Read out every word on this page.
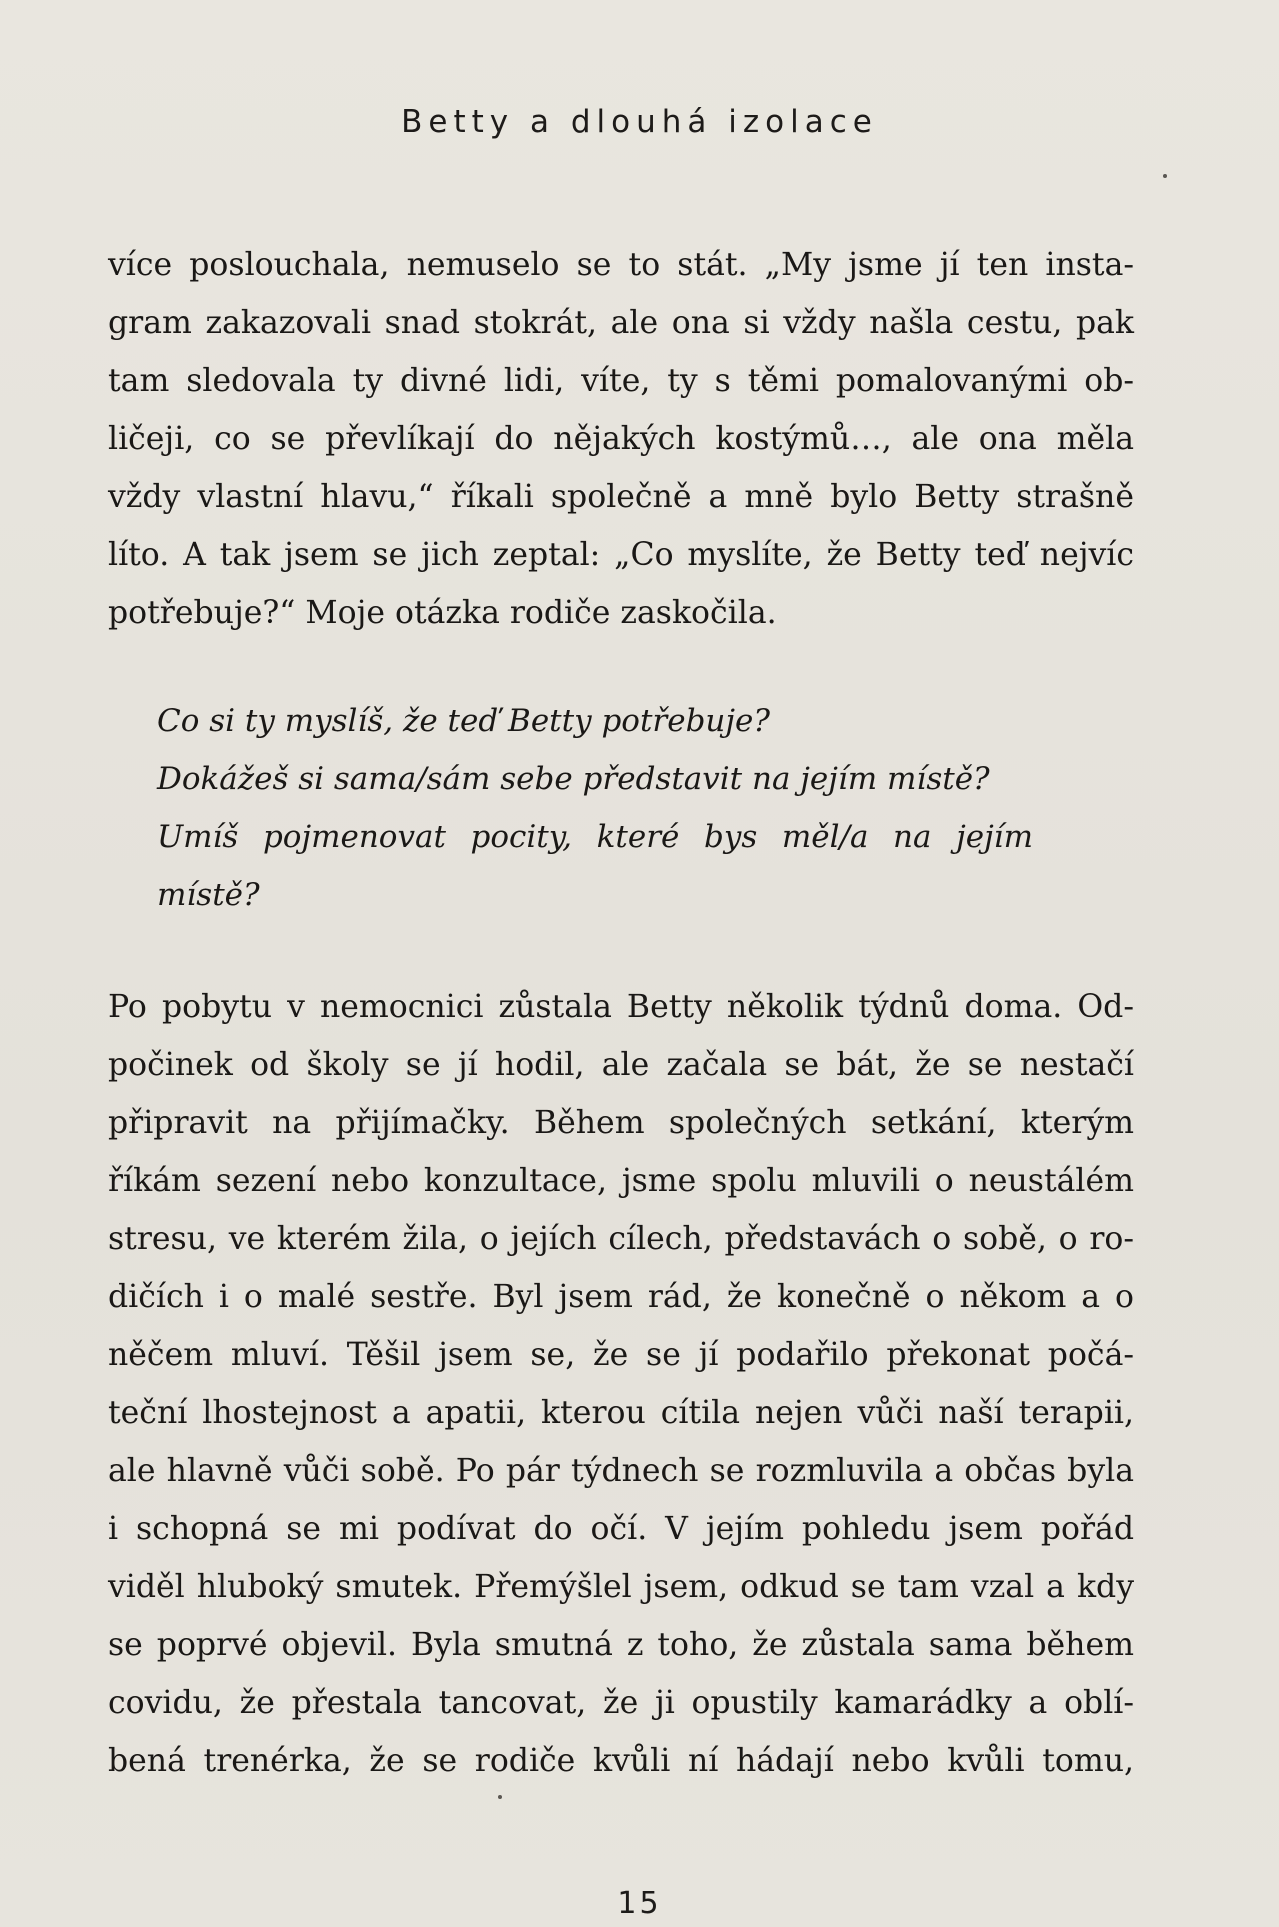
Betty a dlouhá izolace
více poslouchala, nemuselo se to stát. „My jsme jí ten insta-
gram zakazovali snad stokrát, ale ona si vždy našla cestu, pak
tam sledovala ty divné lidi, víte, ty s těmi pomalovanými ob-
ličeji, co se převlíkají do nějakých kostýmů…, ale ona měla
vždy vlastní hlavu,“ říkali společně a mně bylo Betty strašně
líto. A tak jsem se jich zeptal: „Co myslíte, že Betty teď nejvíc
potřebuje?“ Moje otázka rodiče zaskočila.
Co si ty myslíš, že teď Betty potřebuje?
Dokážeš si sama/sám sebe představit na jejím místě?
Umíš pojmenovat pocity, které bys měl/a na jejím
místě?
Po pobytu v nemocnici zůstala Betty několik týdnů doma. Od-
počinek od školy se jí hodil, ale začala se bát, že se nestačí
připravit na přijímačky. Během společných setkání, kterým
říkám sezení nebo konzultace, jsme spolu mluvili o neustálém
stresu, ve kterém žila, o jejích cílech, představách o sobě, o ro-
dičích i o malé sestře. Byl jsem rád, že konečně o někom a o
něčem mluví. Těšil jsem se, že se jí podařilo překonat počá-
teční lhostejnost a apatii, kterou cítila nejen vůči naší terapii,
ale hlavně vůči sobě. Po pár týdnech se rozmluvila a občas byla
i schopná se mi podívat do očí. V jejím pohledu jsem pořád
viděl hluboký smutek. Přemýšlel jsem, odkud se tam vzal a kdy
se poprvé objevil. Byla smutná z toho, že zůstala sama během
covidu, že přestala tancovat, že ji opustily kamarádky a oblí-
bená trenérka, že se rodiče kvůli ní hádají nebo kvůli tomu,
15
